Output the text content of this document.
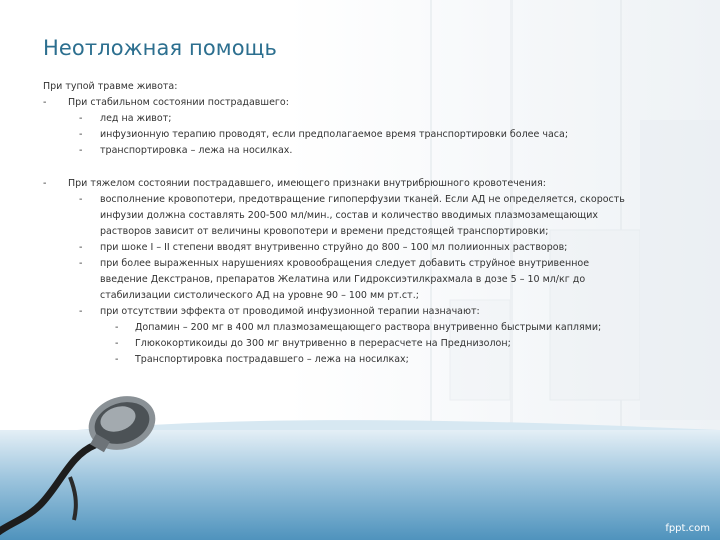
Неотложная помощь
При тупой травме живота:
- При стабильном состоянии пострадавшего:
- лед на живот;
- инфузионную терапию проводят, если предполагаемое время транспортировки более часа;
- транспортировка – лежа на носилках.
- При тяжелом состоянии пострадавшего, имеющего признаки внутрибрюшного кровотечения:
- восполнение кровопотери, предотвращение гипоперфузии тканей. Если АД не определяется, скорость
инфузии должна составлять 200-500 мл/мин., состав и количество вводимых плазмозамещающих
растворов зависит от величины кровопотери и времени предстоящей транспортировки;
- при шоке I – II степени вводят внутривенно струйно до 800 – 100 мл полиионных растворов;
- при более выраженных нарушениях кровообращения следует добавить струйное внутривенное
введение Декстранов, препаратов Желатина или Гидроксиэтилкрахмала в дозе 5 – 10 мл/кг до
стабилизации систолического АД на уровне 90 – 100 мм рт.ст.;
- при отсутствии эффекта от проводимой инфузионной терапии назначают:
- Допамин – 200 мг в 400 мл плазмозамещающего раствора внутривенно быстрыми каплями;
- Глюкокортикоиды до 300 мг внутривенно в перерасчете на Преднизолон;
- Транспортировка пострадавшего – лежа на носилках;
fppt.com
